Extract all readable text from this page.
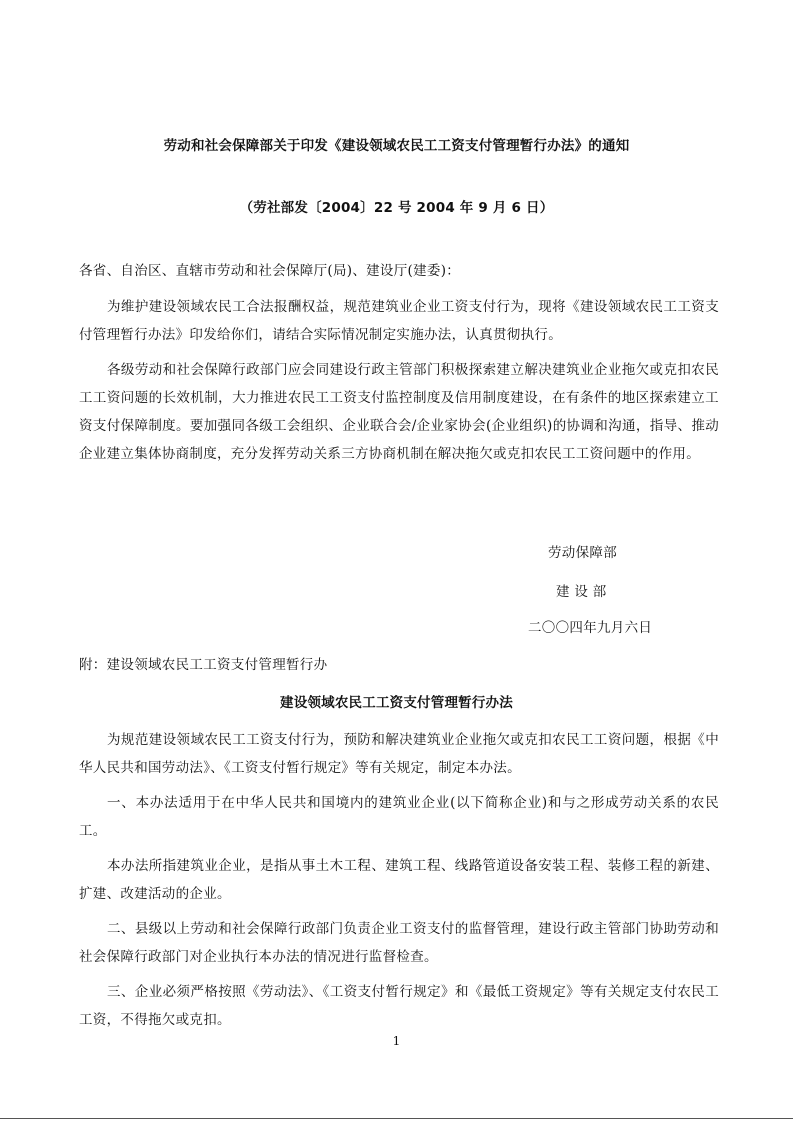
劳动和社会保障部关于印发《建设领域农民工工资支付管理暂行办法》的通知
（劳社部发〔2004〕22 号 2004 年 9 月 6 日）

各省、自治区、直辖市劳动和社会保障厅(局)、建设厅(建委)：

为维护建设领域农民工合法报酬权益，规范建筑业企业工资支付行为，现将《建设领域农民工工资支付管理暂行办法》印发给你们，请结合实际情况制定实施办法，认真贯彻执行。

各级劳动和社会保障行政部门应会同建设行政主管部门积极探索建立解决建筑业企业拖欠或克扣农民工工资问题的长效机制，大力推进农民工工资支付监控制度及信用制度建设，在有条件的地区探索建立工资支付保障制度。要加强同各级工会组织、企业联合会/企业家协会(企业组织)的协调和沟通，指导、推动企业建立集体协商制度，充分发挥劳动关系三方协商机制在解决拖欠或克扣农民工工资问题中的作用。

劳动保障部
建 设 部
二〇〇四年九月六日

附：建设领域农民工工资支付管理暂行办

建设领域农民工工资支付管理暂行办法

为规范建设领域农民工工资支付行为，预防和解决建筑业企业拖欠或克扣农民工工资问题，根据《中华人民共和国劳动法》、《工资支付暂行规定》等有关规定，制定本办法。

一、本办法适用于在中华人民共和国境内的建筑业企业(以下简称企业)和与之形成劳动关系的农民工。

本办法所指建筑业企业，是指从事土木工程、建筑工程、线路管道设备安装工程、装修工程的新建、扩建、改建活动的企业。

二、县级以上劳动和社会保障行政部门负责企业工资支付的监督管理，建设行政主管部门协助劳动和社会保障行政部门对企业执行本办法的情况进行监督检查。

三、企业必须严格按照《劳动法》、《工资支付暂行规定》和《最低工资规定》等有关规定支付农民工工资，不得拖欠或克扣。

1
